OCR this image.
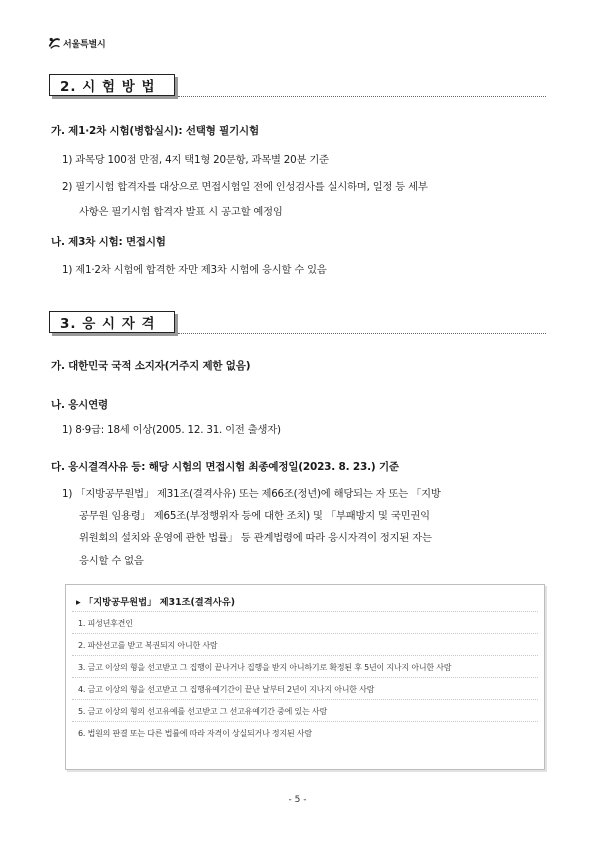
서울특별시
2. 시 험 방 법
가. 제1·2차 시험(병합실시): 선택형 필기시험
1) 과목당 100점 만점, 4지 택1형 20문항, 과목별 20분 기준
2) 필기시험 합격자를 대상으로 면접시험일 전에 인성검사를 실시하며, 일정 등 세부
사항은 필기시험 합격자 발표 시 공고할 예정임
나. 제3차 시험: 면접시험
1) 제1·2차 시험에 합격한 자만 제3차 시험에 응시할 수 있음
3. 응 시 자 격
가. 대한민국 국적 소지자(거주지 제한 없음)
나. 응시연령
1) 8·9급: 18세 이상(2005. 12. 31. 이전 출생자)
다. 응시결격사유 등: 해당 시험의 면접시험 최종예정일(2023. 8. 23.) 기준
1) 「지방공무원법」 제31조(결격사유) 또는 제66조(정년)에 해당되는 자 또는 「지방
공무원 임용령」 제65조(부정행위자 등에 대한 조치) 및 「부패방지 및 국민권익
위원회의 설치와 운영에 관한 법률」 등 관계법령에 따라 응시자격이 정지된 자는
응시할 수 없음
▸ 「지방공무원법」 제31조(결격사유)
1. 피성년후견인
2. 파산선고를 받고 복권되지 아니한 사람
3. 금고 이상의 형을 선고받고 그 집행이 끝나거나 집행을 받지 아니하기로 확정된 후 5년이 지나지 아니한 사람
4. 금고 이상의 형을 선고받고 그 집행유예기간이 끝난 날부터 2년이 지나지 아니한 사람
5. 금고 이상의 형의 선고유예를 선고받고 그 선고유예기간 중에 있는 사람
6. 법원의 판결 또는 다른 법률에 따라 자격이 상실되거나 정지된 사람
- 5 -
